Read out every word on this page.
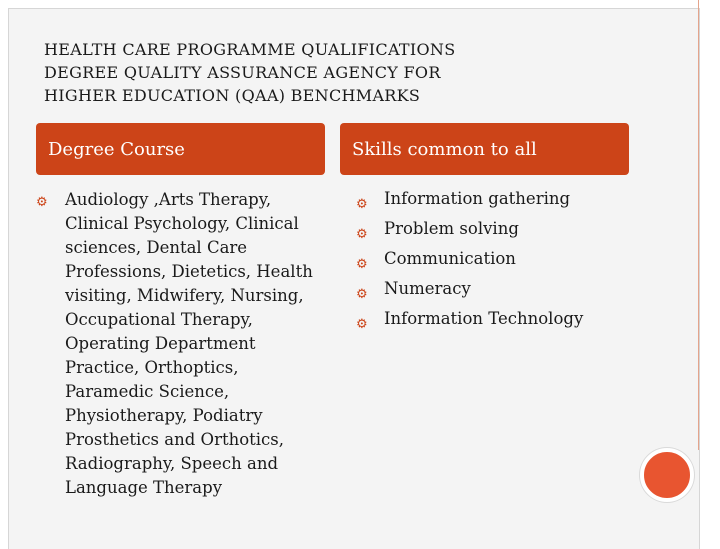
HEALTH CARE PROGRAMME QUALIFICATIONS
DEGREE QUALITY ASSURANCE AGENCY FOR
HIGHER EDUCATION (QAA) BENCHMARKS
Degree Course	Skills common to all
⚙ Audiology ,Arts Therapy, Clinical Psychology, Clinical sciences, Dental Care Professions, Dietetics, Health visiting, Midwifery, Nursing, Occupational Therapy, Operating Department Practice, Orthoptics, Paramedic Science, Physiotherapy, Podiatry Prosthetics and Orthotics, Radiography, Speech and Language Therapy
⚙ Information gathering
⚙ Problem solving
⚙ Communication
⚙ Numeracy
⚙ Information Technology
